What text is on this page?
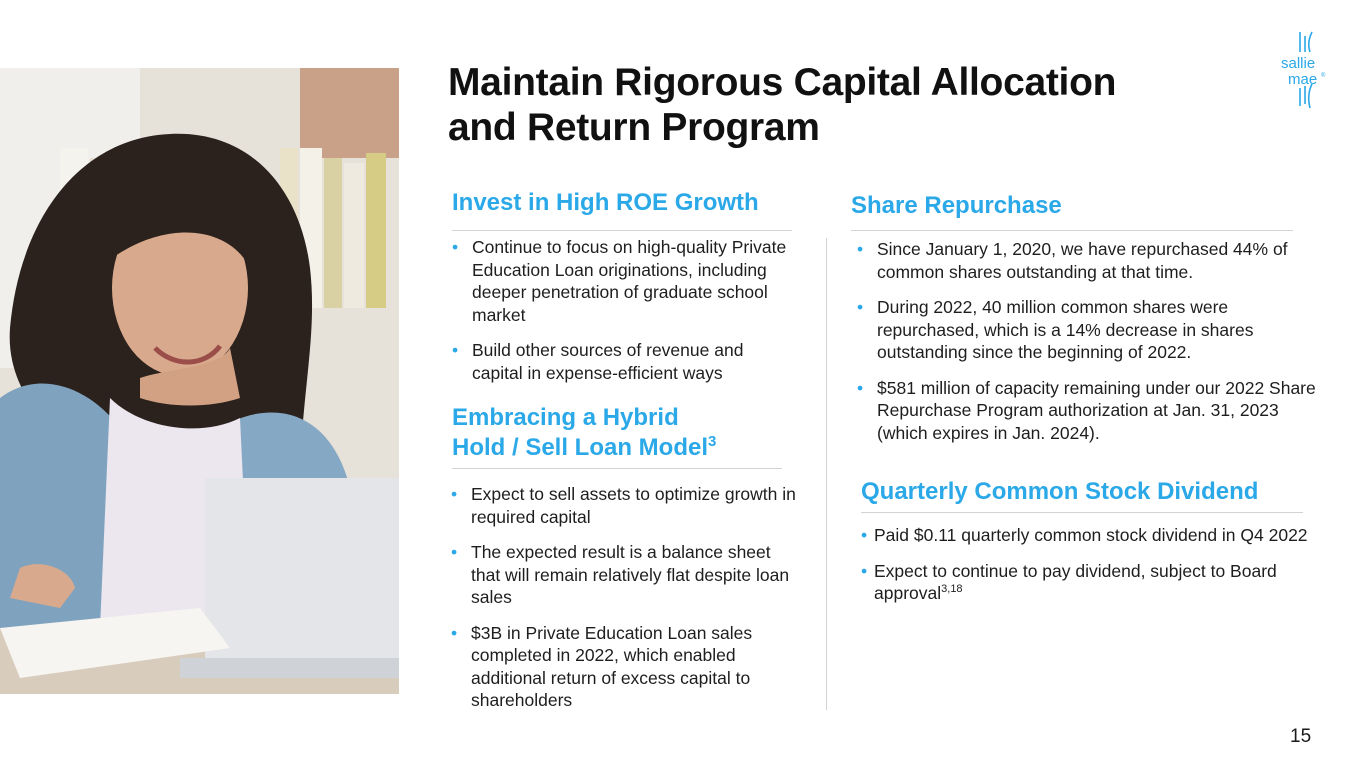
Maintain Rigorous Capital Allocation
and Return Program
sallie
mae ®
Invest in High ROE Growth
• Continue to focus on high-quality Private Education Loan originations, including deeper penetration of graduate school market
• Build other sources of revenue and capital in expense-efficient ways
Embracing a Hybrid
Hold / Sell Loan Model$^3$
• Expect to sell assets to optimize growth in required capital
• The expected result is a balance sheet that will remain relatively flat despite loan sales
• $3B in Private Education Loan sales completed in 2022, which enabled additional return of excess capital to shareholders
Share Repurchase
• Since January 1, 2020, we have repurchased 44% of common shares outstanding at that time.
• During 2022, 40 million common shares were repurchased, which is a 14% decrease in shares outstanding since the beginning of 2022.
• $581 million of capacity remaining under our 2022 Share Repurchase Program authorization at Jan. 31, 2023 (which expires in Jan. 2024).
Quarterly Common Stock Dividend
• Paid $0.11 quarterly common stock dividend in Q4 2022
• Expect to continue to pay dividend, subject to Board approval$^{3,18}$
15
